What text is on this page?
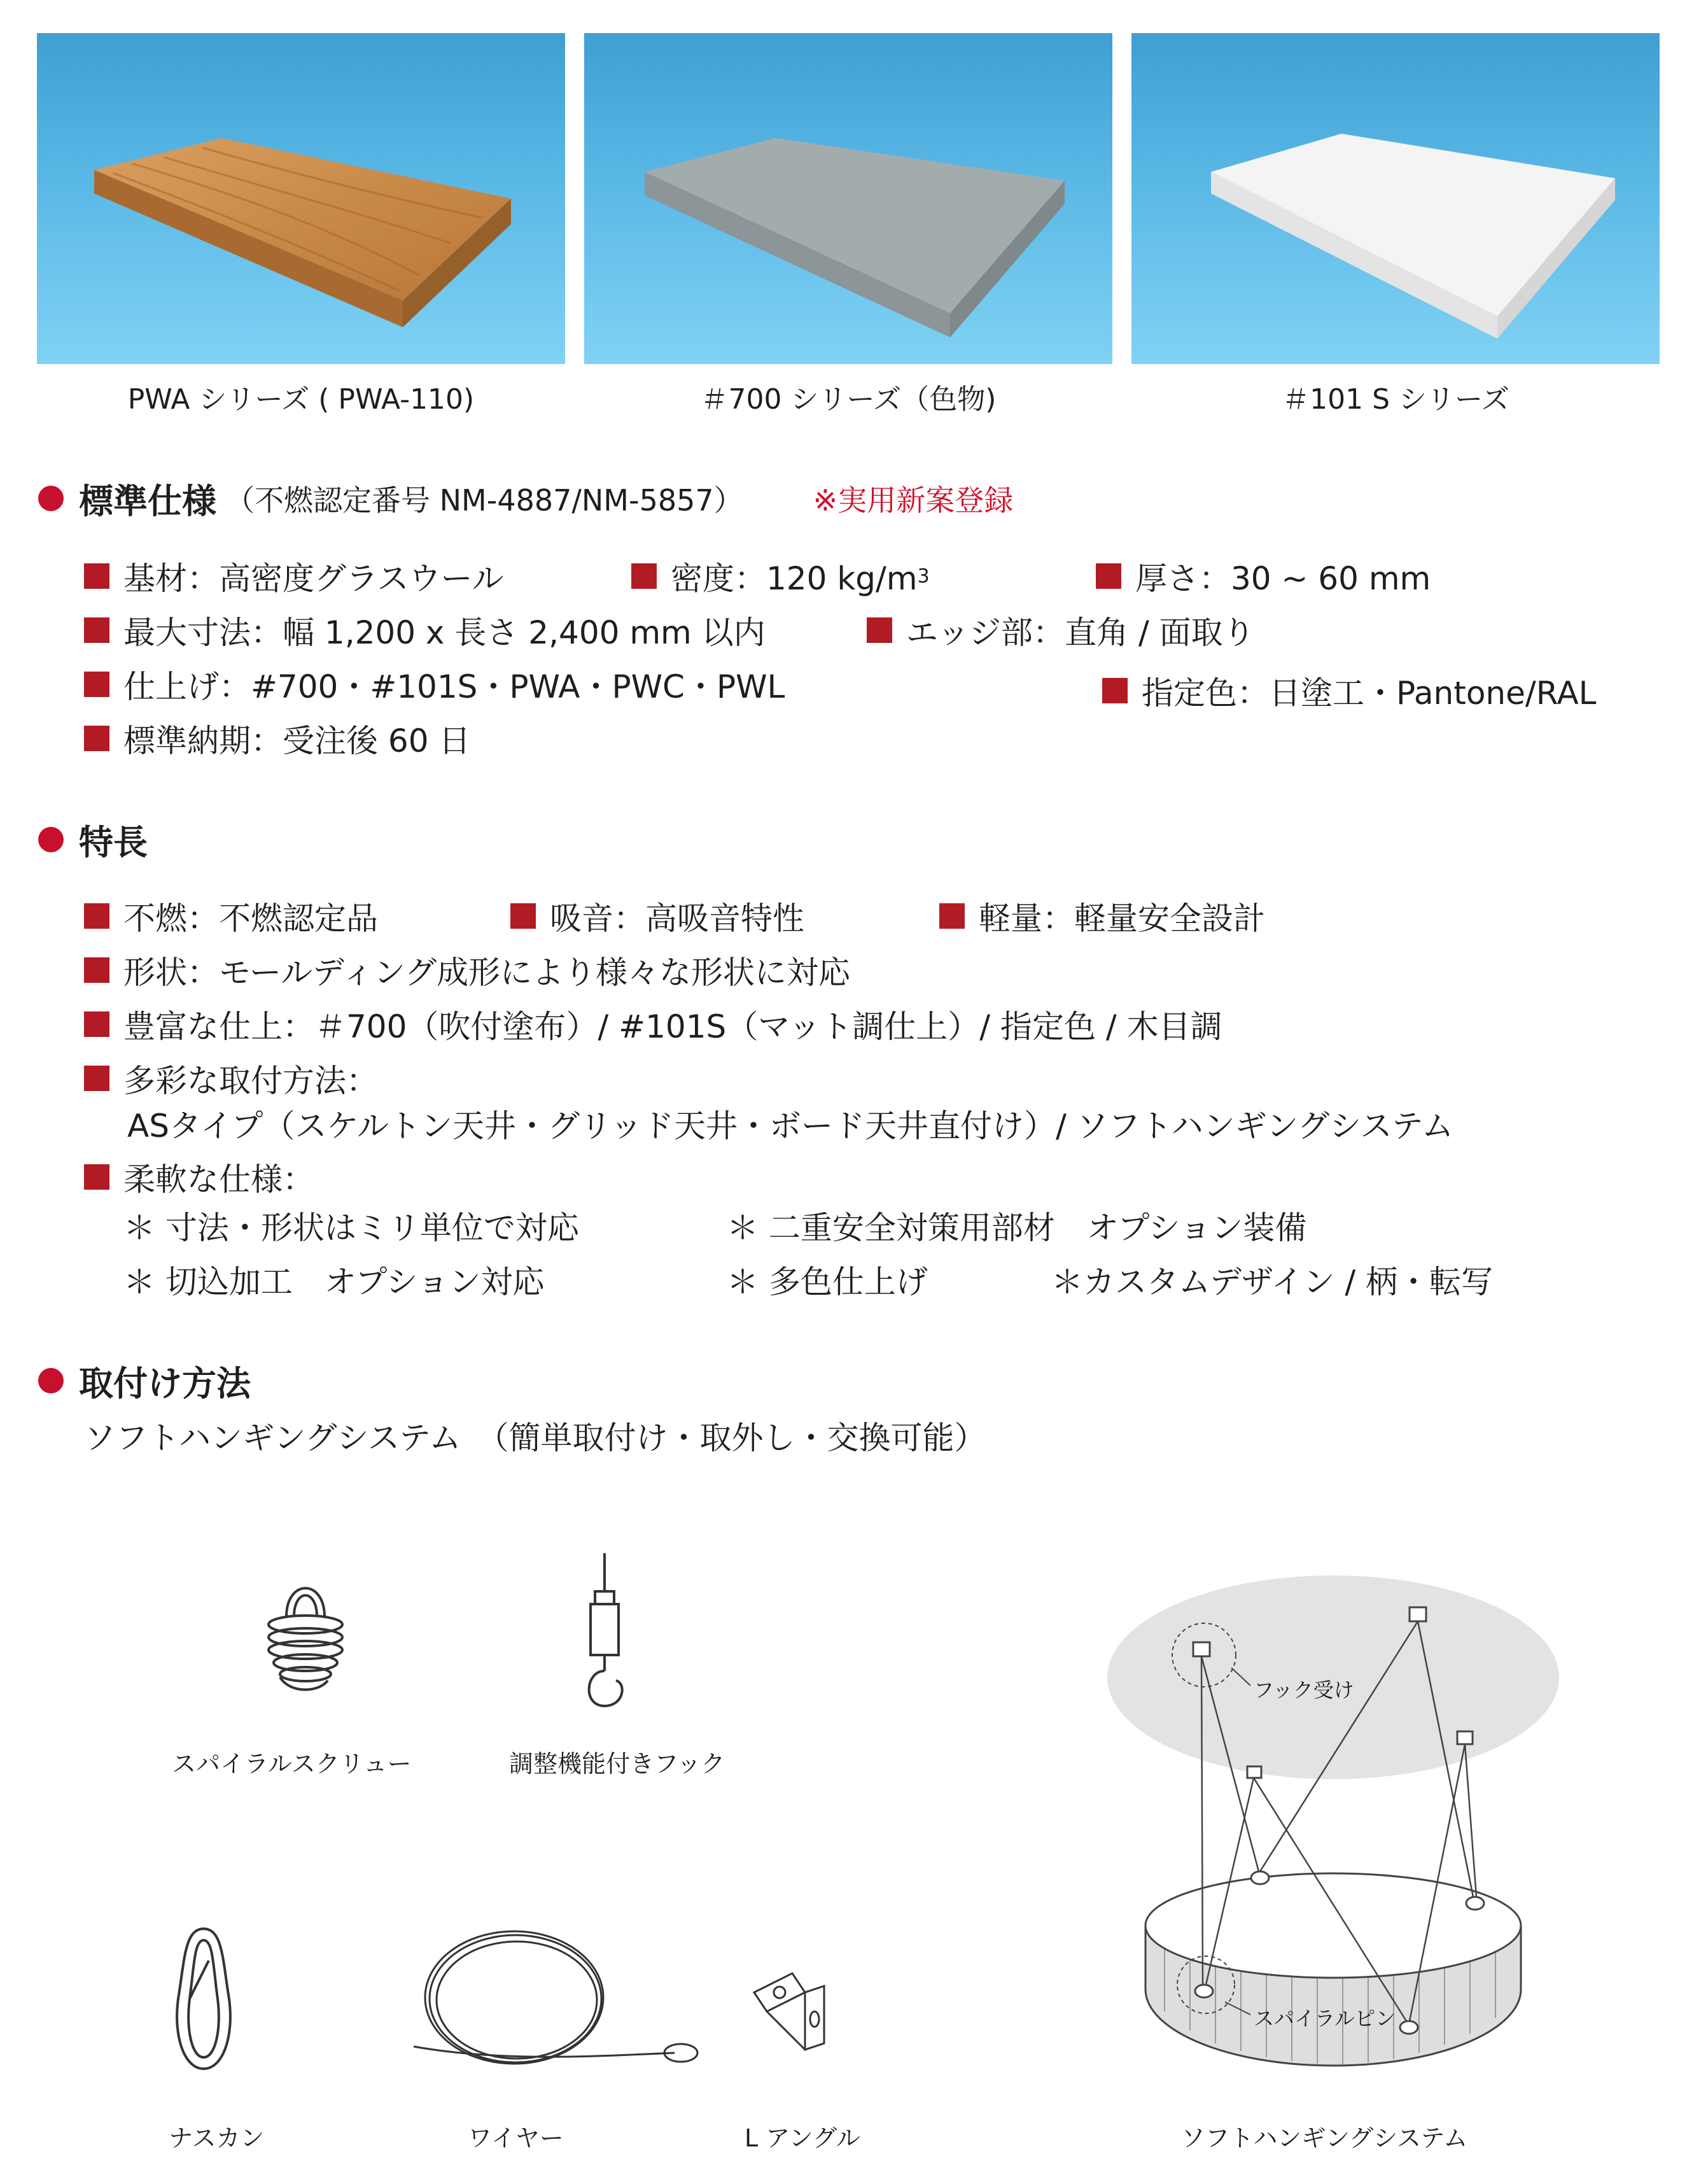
PWA シリーズ ( PWA-110)	＃700 シリーズ（色物)	＃101 S シリーズ
標準仕様 （不燃認定番号 NM-4887/NM-5857） ※実用新案登録
基材：高密度グラスウール	密度：120 kg/m 3	厚さ：30 ~ 60 mm
最大寸法：幅 1,200 x 長さ 2,400 mm 以内	エッジ部：直角 / 面取り
仕上げ：#700・#101S・PWA・PWC・PWL	指定色：日塗工・Pantone/RAL
標準納期：受注後 60 日
特長
不燃：不燃認定品	吸音：高吸音特性	軽量：軽量安全設計
形状：モールディング成形により様々な形状に対応
豊富な仕上：＃700（吹付塗布）/ #101S（マット調仕上）/ 指定色 / 木目調
多彩な取付方法：
ASタイプ（スケルトン天井・グリッド天井・ボード天井直付け）/ ソフトハンギングシステム
柔軟な仕様：
＊ 寸法・形状はミリ単位で対応	＊ 二重安全対策用部材　オプション装備
＊ 切込加工　オプション対応	＊ 多色仕上げ	＊カスタムデザイン / 柄・転写
取付け方法
ソフトハンギングシステム　（簡単取付け・取外し・交換可能）
スパイラルスクリュー	調整機能付きフック
ナスカン	ワイヤー	L アングル
フック受け
スパイラルピン
ソフトハンギングシステム
